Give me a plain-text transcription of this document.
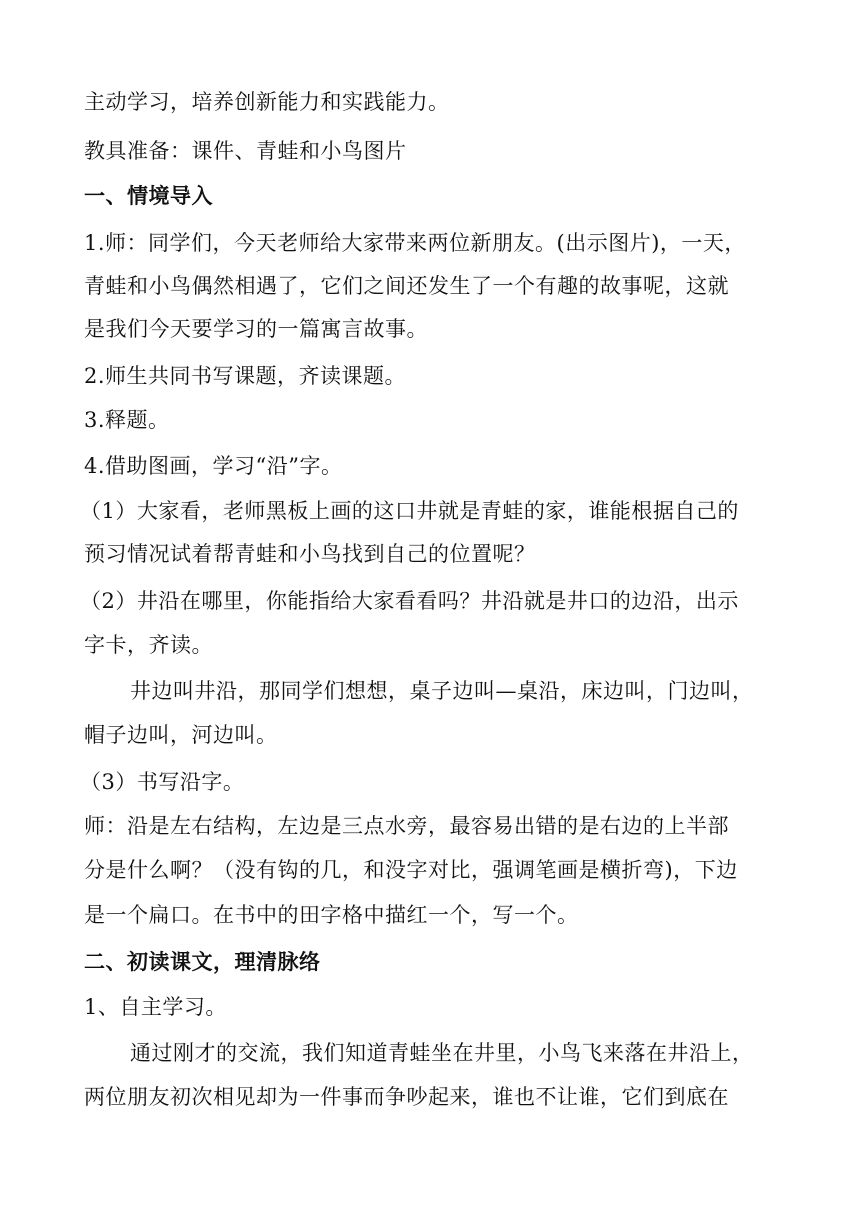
主动学习，培养创新能力和实践能力。
教具准备：课件、青蛙和小鸟图片
一、情境导入
1.师：同学们，今天老师给大家带来两位新朋友。(出示图片)，一天，
青蛙和小鸟偶然相遇了，它们之间还发生了一个有趣的故事呢，这就
是我们今天要学习的一篇寓言故事。
2.师生共同书写课题，齐读课题。
3.释题。
4.借助图画，学习“沿”字。
（1）大家看，老师黑板上画的这口井就是青蛙的家，谁能根据自己的
预习情况试着帮青蛙和小鸟找到自己的位置呢？
（2）井沿在哪里，你能指给大家看看吗？井沿就是井口的边沿，出示
字卡，齐读。
井边叫井沿，那同学们想想，桌子边叫—桌沿，床边叫，门边叫，
帽子边叫，河边叫。
（3）书写沿字。
师：沿是左右结构，左边是三点水旁，最容易出错的是右边的上半部
分是什么啊？（没有钩的几，和没字对比，强调笔画是横折弯)，下边
是一个扁口。在书中的田字格中描红一个，写一个。
二、初读课文，理清脉络
1、自主学习。
通过刚才的交流，我们知道青蛙坐在井里，小鸟飞来落在井沿上，
两位朋友初次相见却为一件事而争吵起来，谁也不让谁，它们到底在
